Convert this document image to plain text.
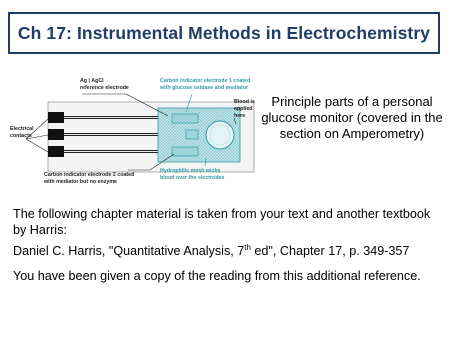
Ch 17: Instrumental Methods in Electrochemistry
Ag | AgCl
reference electrode
Electrical
contacts
Carbon indicator electrode 1 coated
with glucose oxidase and mediator
Blood is
applied
here
Hydrophilic mesh wicks
blood over the electrodes
Carbon indicator electrode 2 coated
with mediator but no enzyme
Principle parts of a personal glucose monitor (covered in the section on Amperometry)
The following chapter material is taken from your text and another textbook by Harris:
Daniel C. Harris, "Quantitative Analysis, 7th ed", Chapter 17, p. 349-357
You have been given a copy of the reading from this additional reference.
